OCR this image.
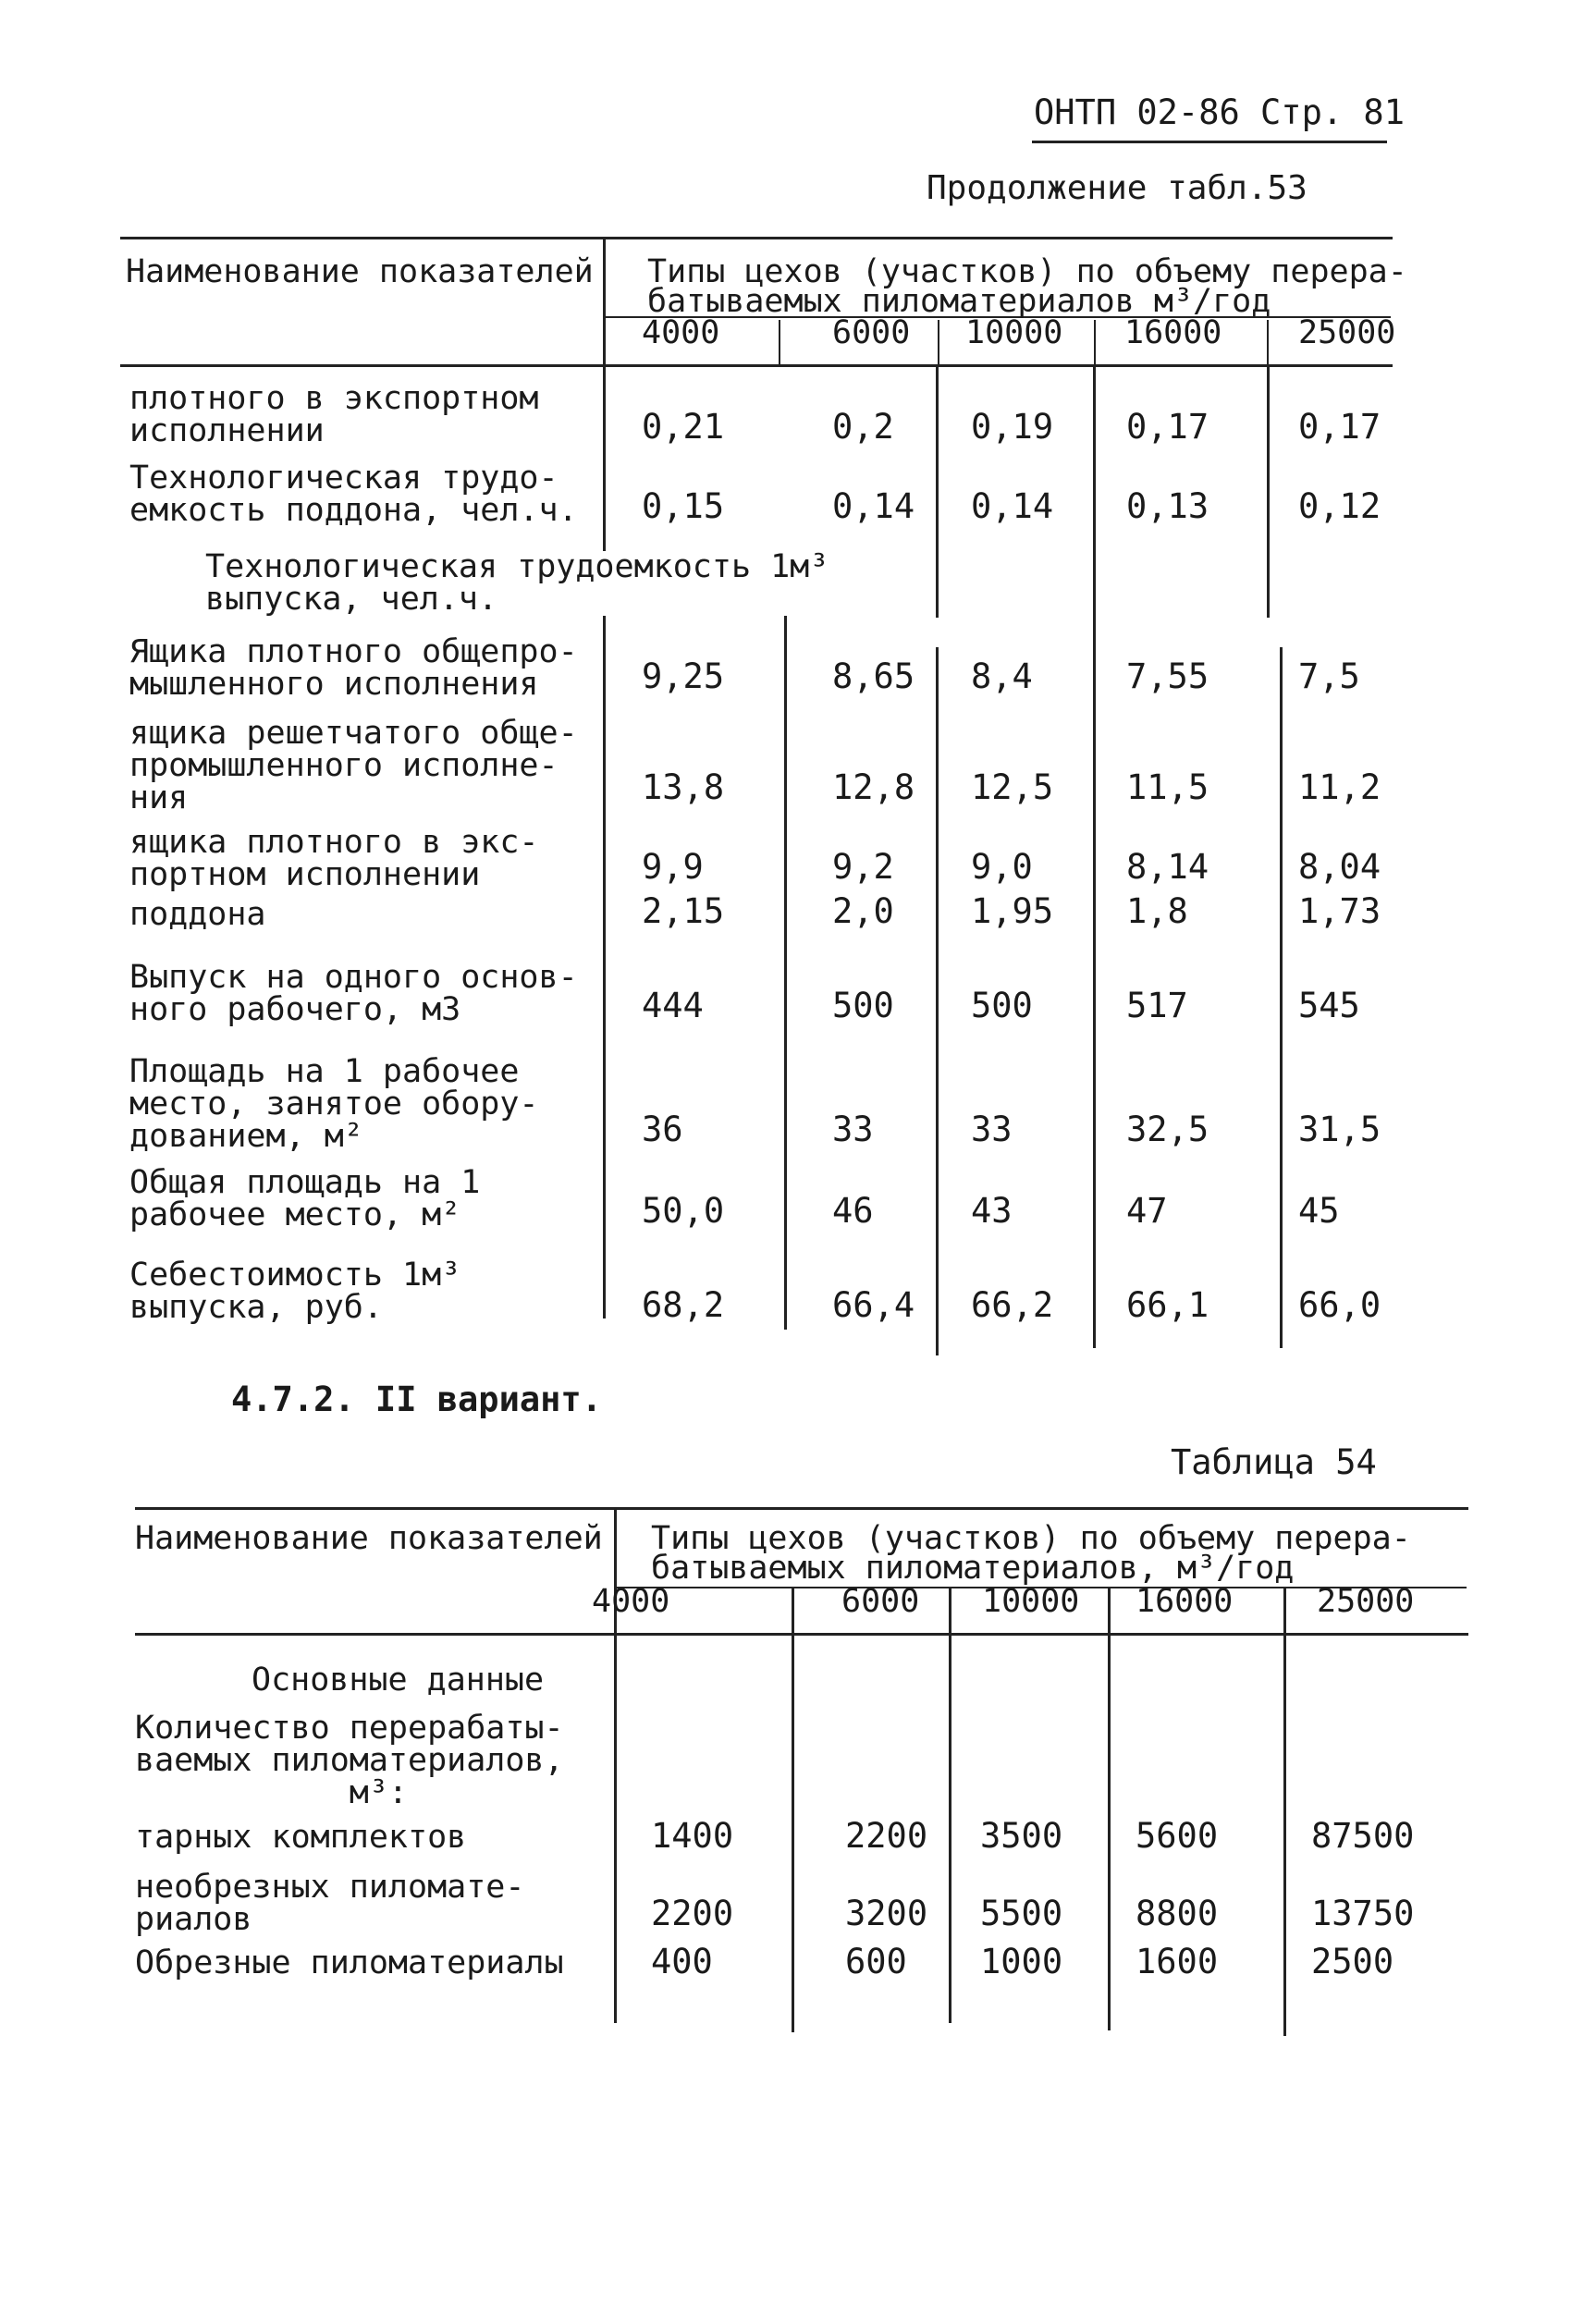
ОНТП 02-86 Стр. 81
Продолжение табл.53
Наименование показателей Типы цехов (участков) по объему перера-
батываемых пиломатериалов м³/год
4000	6000 10000 16000 25000
плотного в экспортном
исполнении	0,21	0,2 0,19 0,17	0,17
Технологическая трудо-
емкость поддона, чел.ч. 0,15	0,14 0,14 0,13	0,12
Технологическая трудоемкость 1м³
выпуска, чел.ч.
Ящика плотного общепро-
мышленного исполнения	9,25	8,65 8,4	7,55	7,5
ящика решетчатого обще-
промышленного исполне-
ния	13,8	12,8 12,5 11,5	11,2
ящика плотного в экс-
портном исполнении	9,9	9,2 9,0	8,14	8,04
поддона	2,15	2,0 1,95 1,8	1,73
Выпуск на одного основ-
ного рабочего, м3	444	500 500	517	545
Площадь на 1 рабочее
место, занятое обору-
дованием, м²	36	33	33	32,5	31,5
Общая площадь на 1
рабочее место, м²	50,0	46	43	47	45
Себестоимость 1м³
выпуска, руб.	68,2	66,4 66,2 66,1	66,0
4.7.2. II вариант.
Таблица 54
Наименование показателей Типы цехов (участков) по объему перера-
батываемых пиломатериалов, м³/год
4000	6000 10000 16000	25000
Основные данные
Количество перерабаты-
ваемых пиломатериалов,
м³:
тарных комплектов	1400	2200 3500 5600	87500
необрезных пиломате-
риалов	2200	3200 5500 8800	13750
Обрезные пиломатериалы	400	600 1000 1600	2500
